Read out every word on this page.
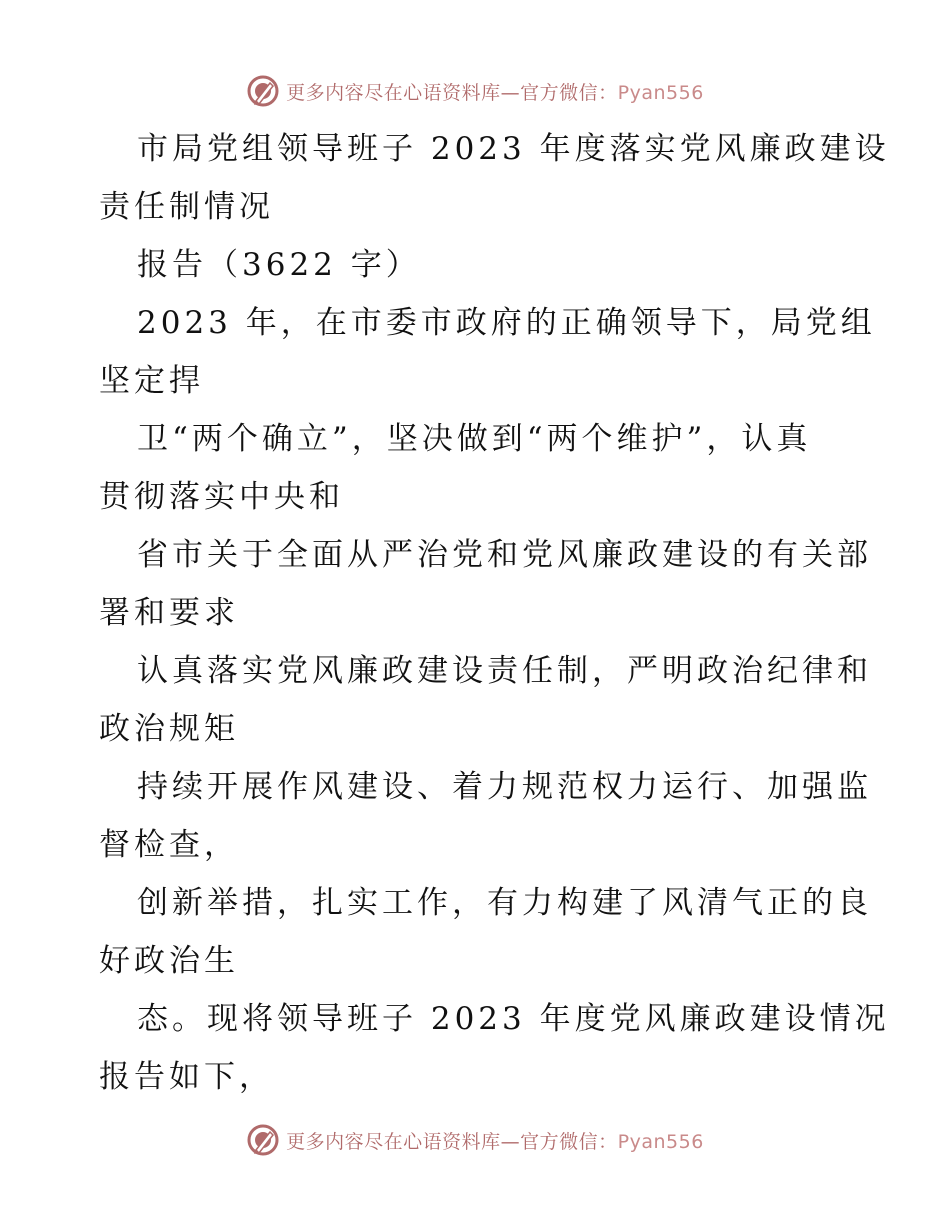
更多内容尽在心语资料库—官方微信：Pyan556
市局党组领导班子 2023 年度落实党风廉政建设
责任制情况
报告（3622 字）
2023 年，在市委市政府的正确领导下，局党组
坚定捍
卫“两个确立”，坚决做到“两个维护”，认真
贯彻落实中央和
省市关于全面从严治党和党风廉政建设的有关部
署和要求
认真落实党风廉政建设责任制，严明政治纪律和
政治规矩
持续开展作风建设、着力规范权力运行、加强监
督检查，
创新举措，扎实工作，有力构建了风清气正的良
好政治生
态。现将领导班子 2023 年度党风廉政建设情况
报告如下，
更多内容尽在心语资料库—官方微信：Pyan556
